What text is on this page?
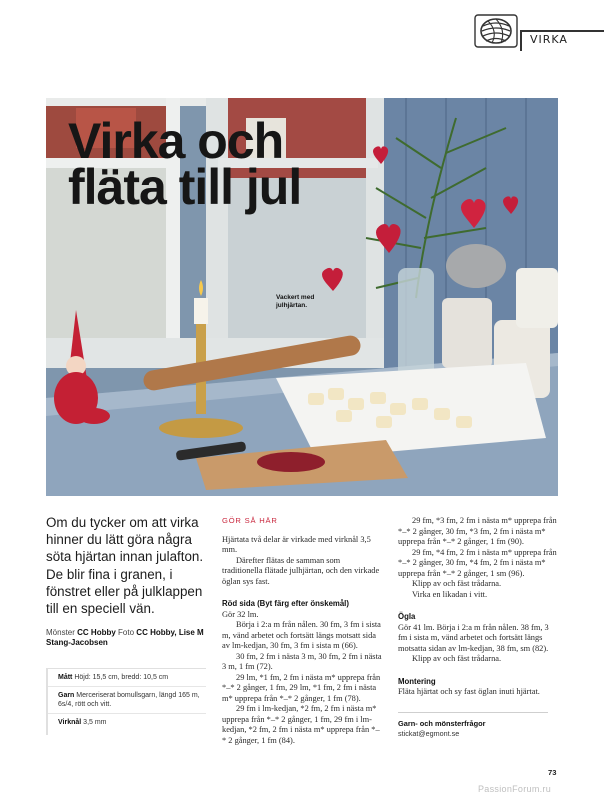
VIRKA
Virka och
fläta till jul
Vackert med julhjärtan.
Om du tycker om att virka hinner du lätt göra några söta hjärtan innan julafton. De blir fina i granen, i fönstret eller på julklappen till en speciell vän.
Mönster CC Hobby Foto CC Hobby, Lise M Stang-Jacobsen
Mått Höjd: 15,5 cm, bredd: 10,5 cm
Garn Merceriserat bomullsgarn, längd 165 m, 6s/4, rött och vitt.
Virknål 3,5 mm
GÖR SÅ HÄR

Hjärtata två delar är virkade med virknål 3,5 mm.

Därefter flätas de samman som traditionella flätade julhjärtan, och den virkade öglan sys fast.

Röd sida (Byt färg efter önskemål)

Gör 32 lm.

Börja i 2:a m från nålen. 30 fm, 3 fm i sista m, vänd arbetet och fortsätt längs motsatt sida av lm-kedjan, 30 fm, 3 fm i sista m (66).

30 fm, 2 fm i nästa 3 m, 30 fm, 2 fm i nästa 3 m, 1 fm (72).

29 lm, *1 fm, 2 fm i nästa m* upprepa från *–* 2 gånger, 1 fm, 29 lm, *1 fm, 2 fm i nästa m* upprepa från *–* 2 gånger, 1 fm (78).

29 fm i lm-kedjan, *2 fm, 2 fm i nästa m* upprepa från *–* 2 gånger, 1 fm, 29 fm i lm-kedjan, *2 fm, 2 fm i nästa m* upprepa från *–* 2 gånger, 1 fm (84).

29 fm, *3 fm, 2 fm i nästa m* upprepa från *–* 2 gånger, 30 fm, *3 fm, 2 fm i nästa m* upprepa från *–* 2 gånger, 1 fm (90).

29 fm, *4 fm, 2 fm i nästa m* upprepa från *–* 2 gånger, 30 fm, *4 fm, 2 fm i nästa m* upprepa från *–* 2 gånger, 1 sm (96).

Klipp av och fäst trådarna.

Virka en likadan i vitt.

Ögla

Gör 41 lm. Börja i 2:a m från nålen. 38 fm, 3 fm i sista m, vänd arbetet och fortsätt längs motsatta sidan av lm-kedjan, 38 fm, sm (82).

Klipp av och fäst trådarna.

Montering

Fläta hjärtat och sy fast öglan inuti hjärtat.

Garn- och mönsterfrågor
stickat@egmont.se
73
PassionForum.ru
